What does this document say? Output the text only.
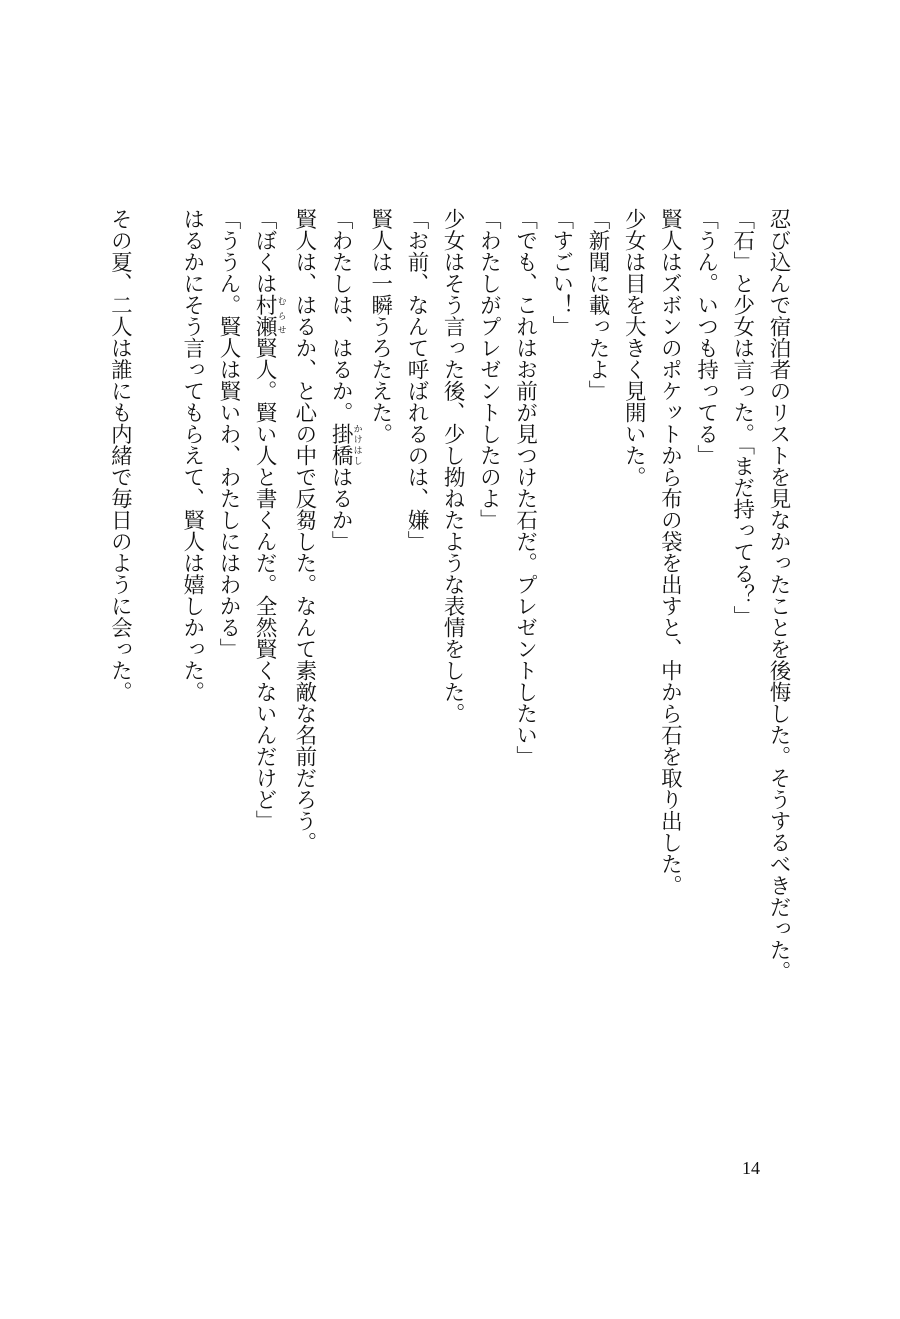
忍び込んで宿泊者のリストを見なかったことを後悔した。そうするべきだった。

「石」と少女は言った。「まだ持ってる？」

「うん。いつも持ってる」

賢人はズボンのポケットから布の袋を出すと、中から石を取り出した。

少女は目を大きく見開いた。

「新聞に載ったよ」

「すごい！」

「でも、これはお前が見つけた石だ。プレゼントしたい」

「わたしがプレゼントしたのよ」

少女はそう言った後、少し拗ねたような表情をした。

「お前、なんて呼ばれるのは、嫌」

賢人は一瞬うろたえた。

「わたしは、はるか。掛橋かけはしはるか」

賢人は、はるか、と心の中で反芻した。なんて素敵な名前だろう。

「ぼくは村瀬むらせ賢人。賢い人と書くんだ。全然賢くないんだけど」

「ううん。賢人は賢いわ、わたしにはわかる」

はるかにそう言ってもらえて、賢人は嬉しかった。

その夏、二人は誰にも内緒で毎日のように会った。

14
